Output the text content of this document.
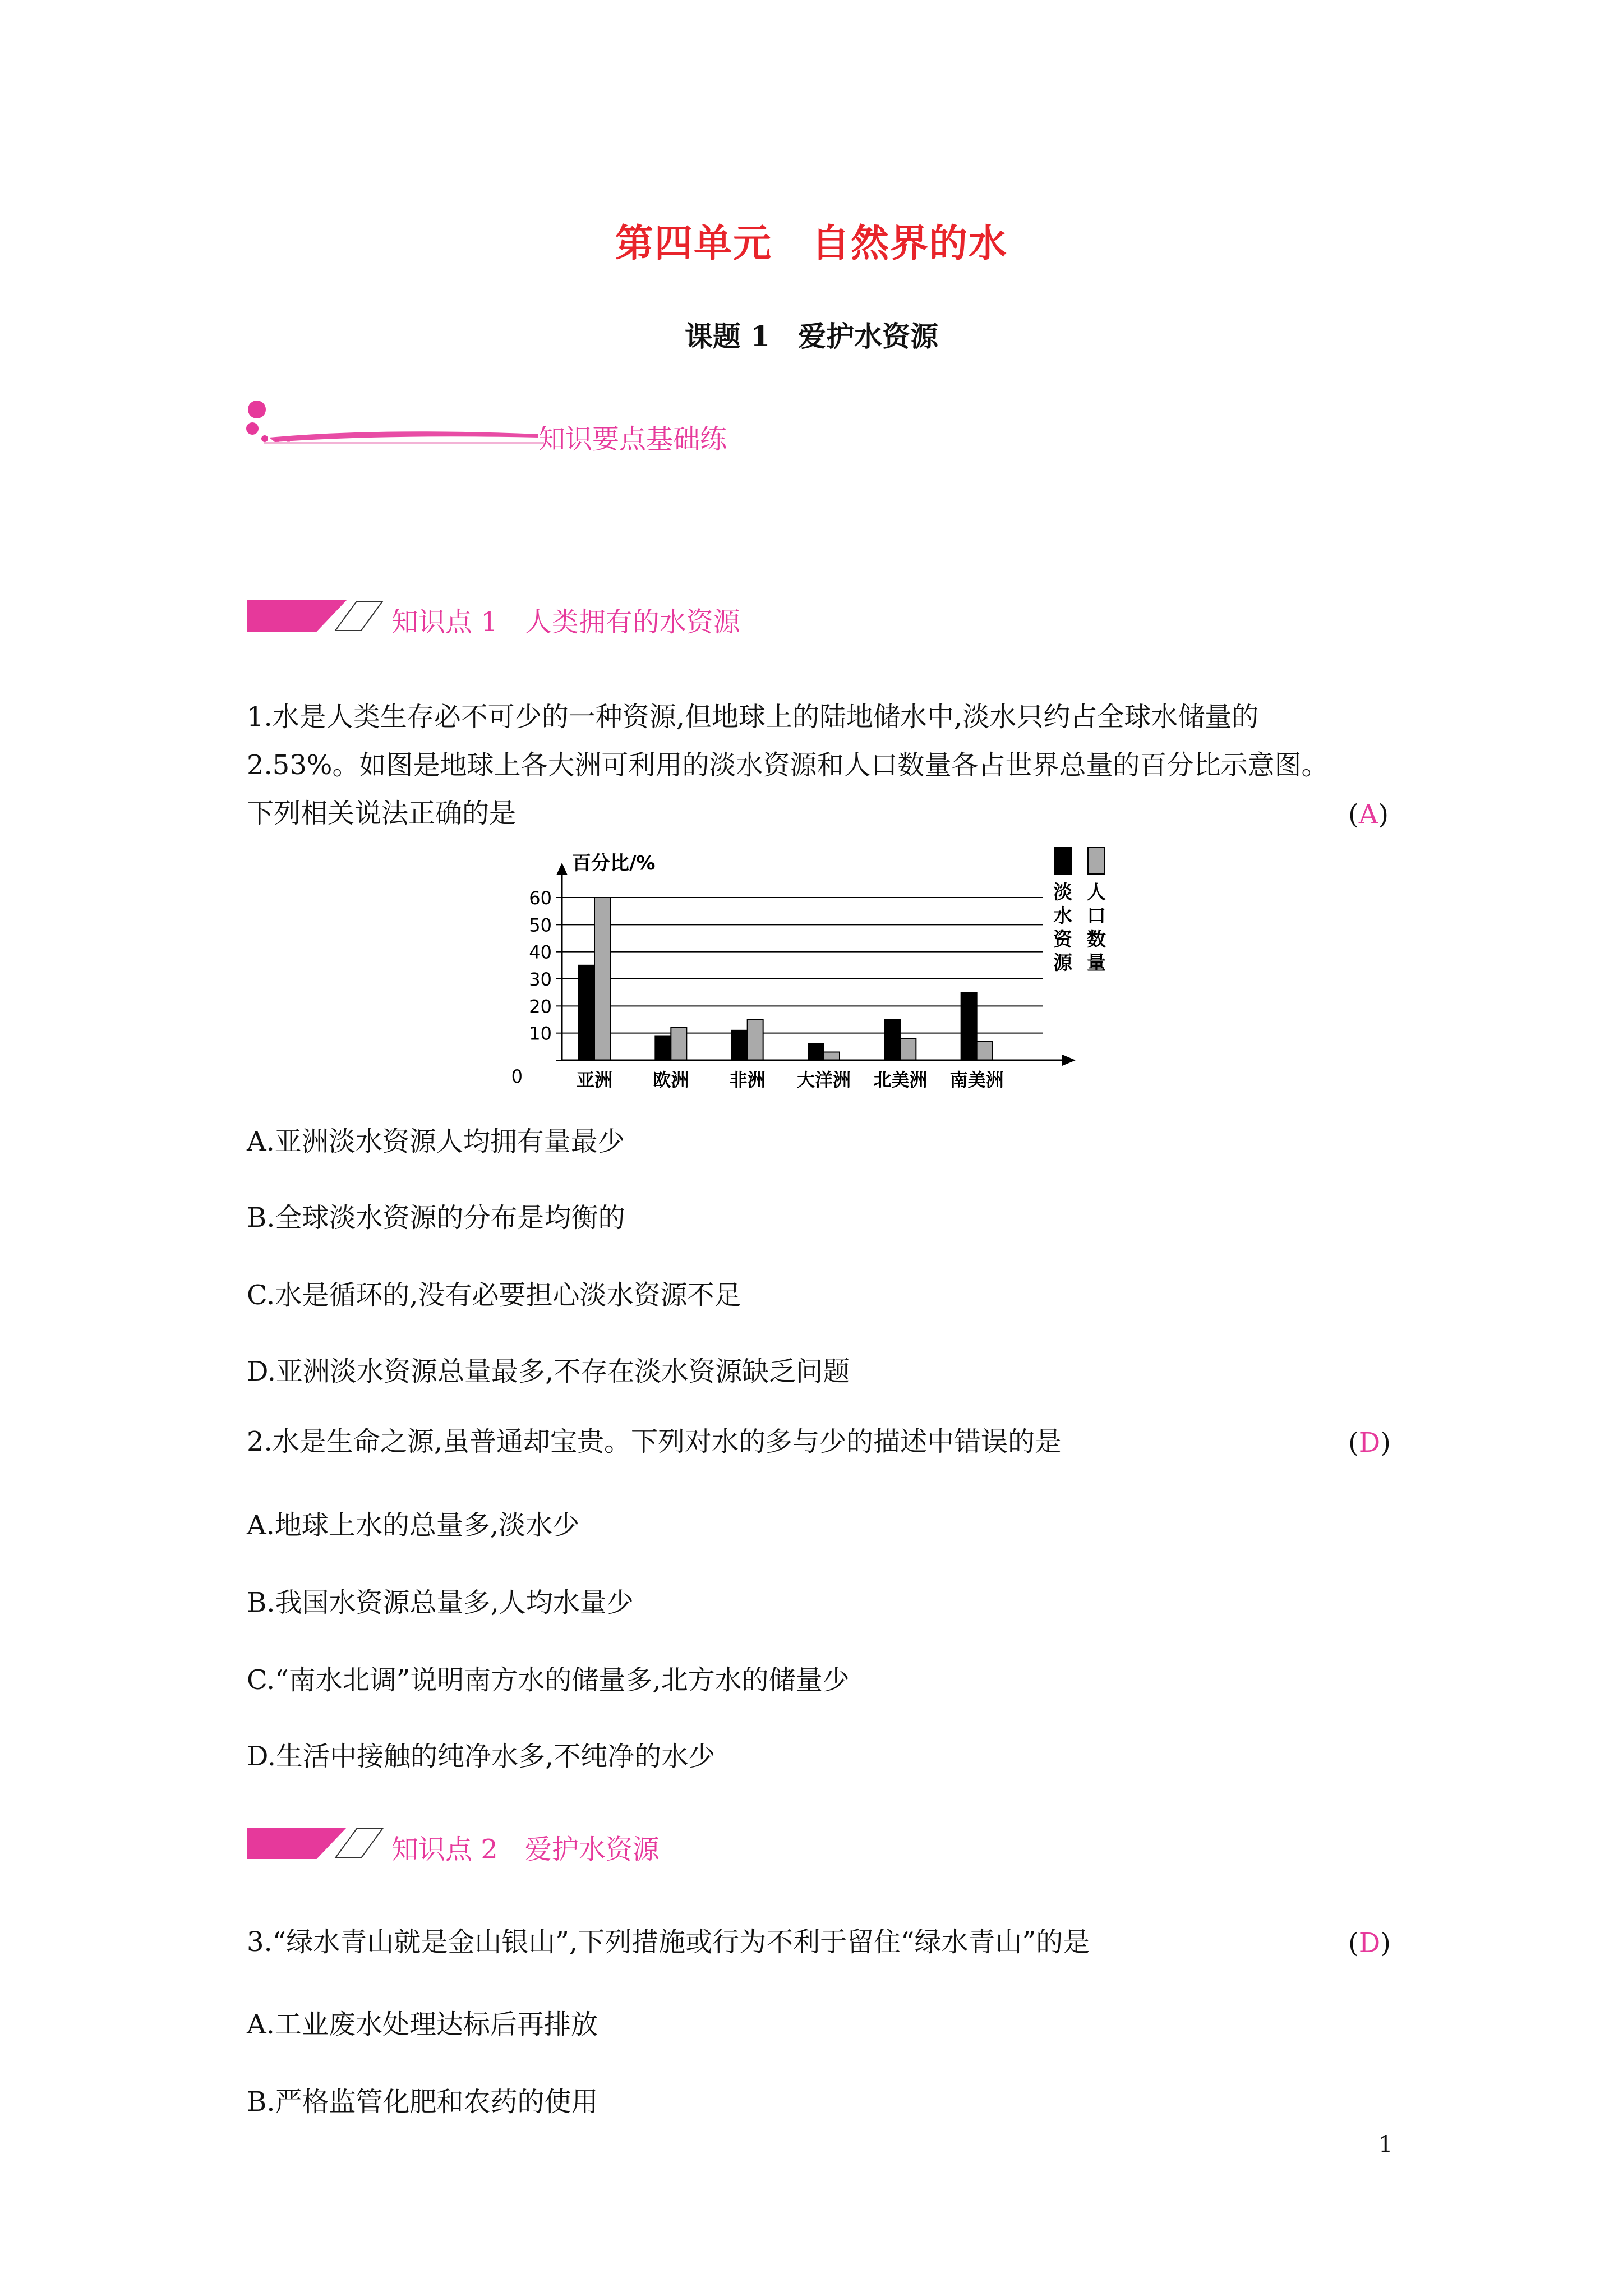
第四单元　自然界的水
课题 1　爱护水资源
知识要点基础练
知识点 1　人类拥有的水资源
1.水是人类生存必不可少的一种资源,但地球上的陆地储水中,淡水只约占全球水储量的
2.53%。如图是地球上各大洲可利用的淡水资源和人口数量各占世界总量的百分比示意图。
下列相关说法正确的是	(A)
0
10
20
30
40
50
60
亚洲 欧洲 非洲 大洋洲 北美洲 南美洲
淡水资源
人口数量
百分比/%
A.亚洲淡水资源人均拥有量最少
B.全球淡水资源的分布是均衡的
C.水是循环的,没有必要担心淡水资源不足
D.亚洲淡水资源总量最多,不存在淡水资源缺乏问题
2.水是生命之源,虽普通却宝贵。下列对水的多与少的描述中错误的是	(D)
A.地球上水的总量多,淡水少
B.我国水资源总量多,人均水量少
C.“南水北调”说明南方水的储量多,北方水的储量少
D.生活中接触的纯净水多,不纯净的水少
知识点 2　爱护水资源
3.“绿水青山就是金山银山”,下列措施或行为不利于留住“绿水青山”的是	(D)
A.工业废水处理达标后再排放
B.严格监管化肥和农药的使用
1
